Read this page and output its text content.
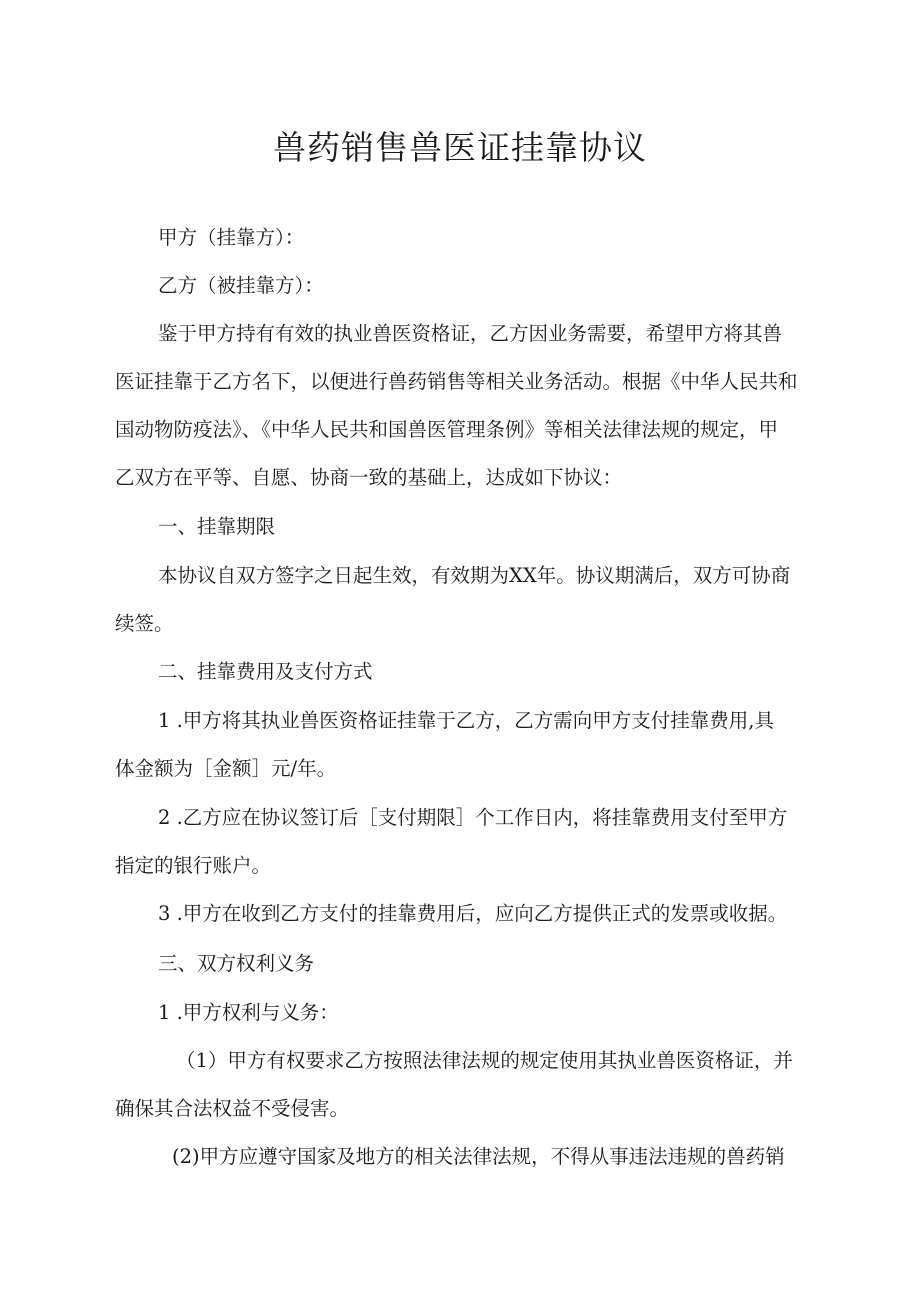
兽药销售兽医证挂靠协议

甲方（挂靠方）：

乙方（被挂靠方）：

鉴于甲方持有有效的执业兽医资格证，乙方因业务需要，希望甲方将其兽

医证挂靠于乙方名下，以便进行兽药销售等相关业务活动。根据《中华人民共和

国动物防疫法》、《中华人民共和国兽医管理条例》等相关法律法规的规定，甲

乙双方在平等、自愿、协商一致的基础上，达成如下协议：

一、挂靠期限

本协议自双方签字之日起生效，有效期为XX年。协议期满后，双方可协商

续签。

二、挂靠费用及支付方式

1 .甲方将其执业兽医资格证挂靠于乙方，乙方需向甲方支付挂靠费用,具

体金额为［金额］元/年。

2 .乙方应在协议签订后［支付期限］个工作日内，将挂靠费用支付至甲方

指定的银行账户。

3 .甲方在收到乙方支付的挂靠费用后，应向乙方提供正式的发票或收据。

三、双方权利义务

1 .甲方权利与义务：

（1）甲方有权要求乙方按照法律法规的规定使用其执业兽医资格证，并

确保其合法权益不受侵害。

(2)甲方应遵守国家及地方的相关法律法规，不得从事违法违规的兽药销
